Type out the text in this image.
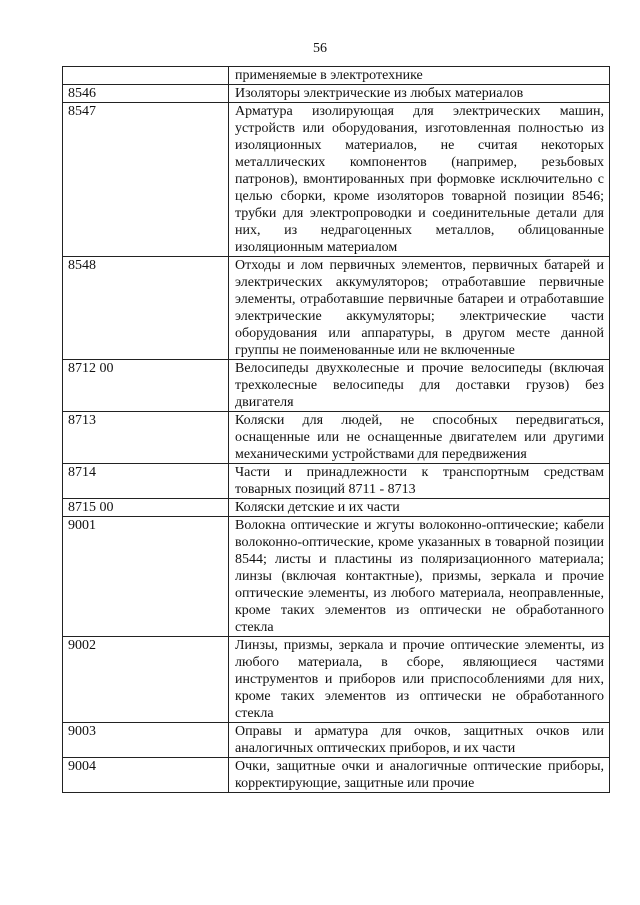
56
	применяемые в электротехнике
8546	Изоляторы электрические из любых материалов
8547	Арматура изолирующая для электрических машин, устройств или оборудования, изготовленная полностью из изоляционных материалов, не считая некоторых металлических компонентов (например, резьбовых патронов), вмонтированных при формовке исключительно с целью сборки, кроме изоляторов товарной позиции 8546; трубки для электропроводки и соединительные детали для них, из недрагоценных металлов, облицованные изоляционным материалом
8548	Отходы и лом первичных элементов, первичных батарей и электрических аккумуляторов; отработавшие первичные элементы, отработавшие первичные батареи и отработавшие электрические аккумуляторы; электрические части оборудования или аппаратуры, в другом месте данной группы не поименованные или не включенные
8712 00	Велосипеды двухколесные и прочие велосипеды (включая трехколесные велосипеды для доставки грузов) без двигателя
8713	Коляски для людей, не способных передвигаться, оснащенные или не оснащенные двигателем или другими механическими устройствами для передвижения
8714	Части и принадлежности к транспортным средствам товарных позиций 8711 - 8713
8715 00	Коляски детские и их части
9001	Волокна оптические и жгуты волоконно-оптические; кабели волоконно-оптические, кроме указанных в товарной позиции 8544; листы и пластины из поляризационного материала; линзы (включая контактные), призмы, зеркала и прочие оптические элементы, из любого материала, неоправленные, кроме таких элементов из оптически не обработанного стекла
9002	Линзы, призмы, зеркала и прочие оптические элементы, из любого материала, в сборе, являющиеся частями инструментов и приборов или приспособлениями для них, кроме таких элементов из оптически не обработанного стекла
9003	Оправы и арматура для очков, защитных очков или аналогичных оптических приборов, и их части
9004	Очки, защитные очки и аналогичные оптические приборы, корректирующие, защитные или прочие
